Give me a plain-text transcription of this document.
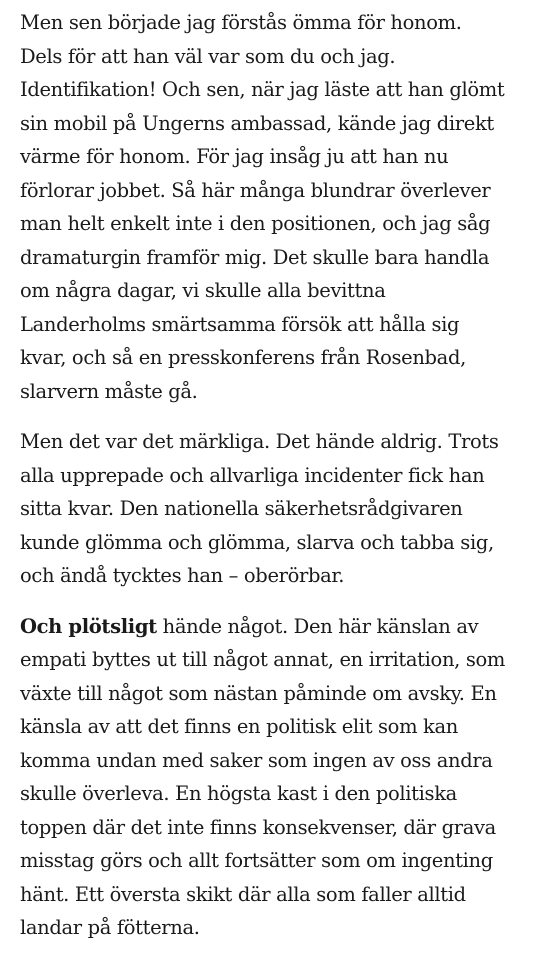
Men sen började jag förstås ömma för honom.
Dels för att han väl var som du och jag.
Identifikation! Och sen, när jag läste att han glömt
sin mobil på Ungerns ambassad, kände jag direkt
värme för honom. För jag insåg ju att han nu
förlorar jobbet. Så här många blundrar överlever
man helt enkelt inte i den positionen, och jag såg
dramaturgin framför mig. Det skulle bara handla
om några dagar, vi skulle alla bevittna
Landerholms smärtsamma försök att hålla sig
kvar, och så en presskonferens från Rosenbad,
slarvern måste gå.
Men det var det märkliga. Det hände aldrig. Trots
alla upprepade och allvarliga incidenter fick han
sitta kvar. Den nationella säkerhetsrådgivaren
kunde glömma och glömma, slarva och tabba sig,
och ändå tycktes han – oberörbar.
Och plötsligt hände något. Den här känslan av
empati byttes ut till något annat, en irritation, som
växte till något som nästan påminde om avsky. En
känsla av att det finns en politisk elit som kan
komma undan med saker som ingen av oss andra
skulle överleva. En högsta kast i den politiska
toppen där det inte finns konsekvenser, där grava
misstag görs och allt fortsätter som om ingenting
hänt. Ett översta skikt där alla som faller alltid
landar på fötterna.
